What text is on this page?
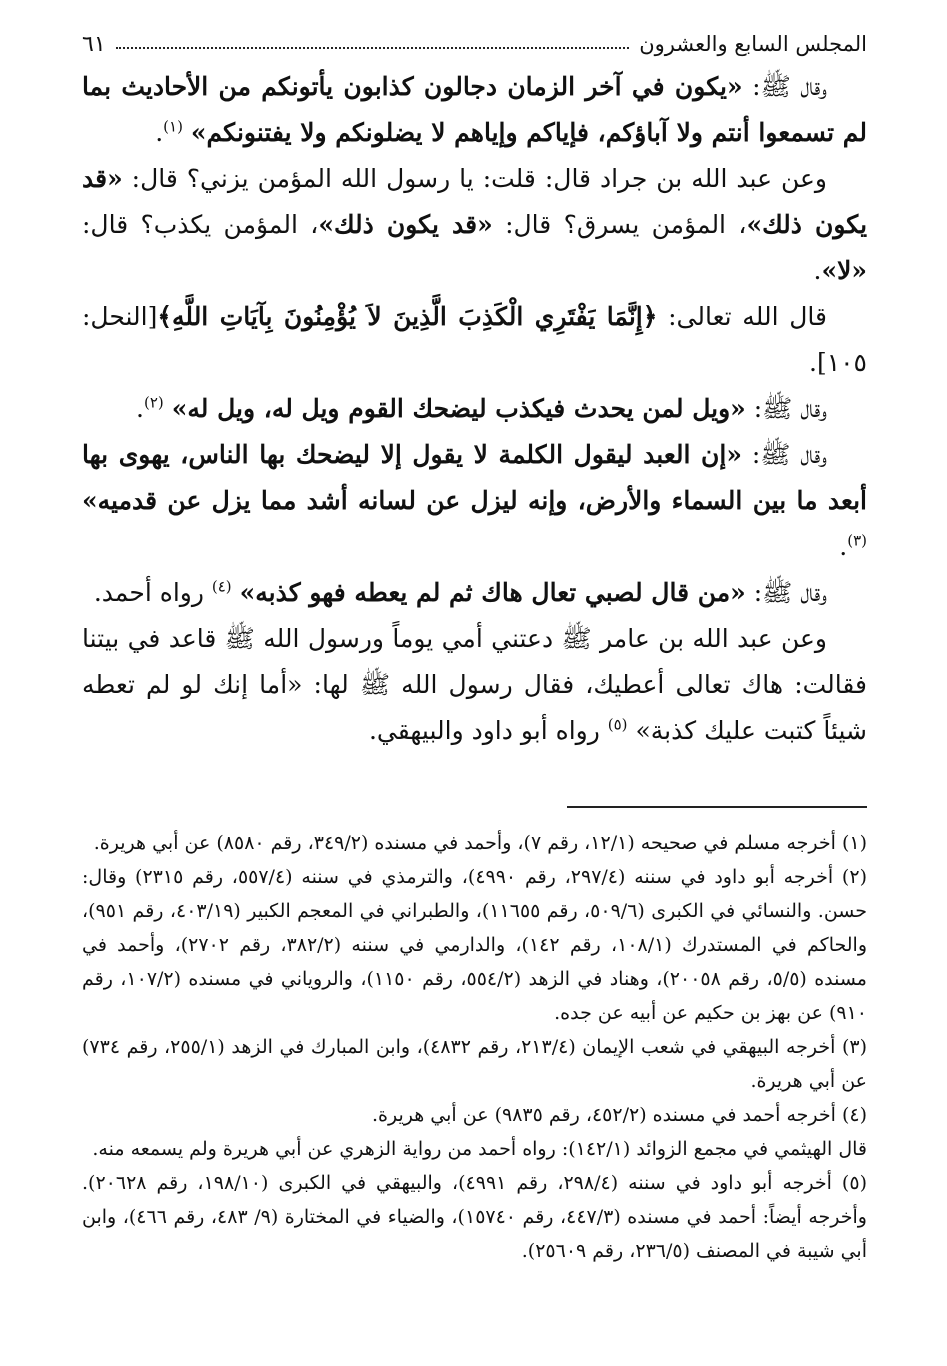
المجلس السابع والعشرون
٦١

وقال ﷺ: «يكون في آخر الزمان دجالون كذابون يأتونكم من الأحاديث بما لم تسمعوا أنتم ولا آباؤكم، فإياكم وإياهم لا يضلونكم ولا يفتنونكم» $^{(١)}$.

وعن عبد الله بن جراد قال: قلت: يا رسول الله المؤمن يزني؟ قال: «قد يكون ذلك»، المؤمن يسرق؟ قال: «قد يكون ذلك»، المؤمن يكذب؟ قال: «لا».

قال الله تعالى: ﴿إِنَّمَا يَفْتَرِي الْكَذِبَ الَّذِينَ لاَ يُؤْمِنُونَ بِآيَاتِ اللَّهِ﴾[النحل: ١٠٥].

وقال ﷺ: «ويل لمن يحدث فيكذب ليضحك القوم ويل له، ويل له» $^{(٢)}$.

وقال ﷺ: «إن العبد ليقول الكلمة لا يقول إلا ليضحك بها الناس، يهوى بها أبعد ما بين السماء والأرض، وإنه ليزل عن لسانه أشد مما يزل عن قدميه» $^{(٣)}$.

وقال ﷺ: «من قال لصبي تعال هاك ثم لم يعطه فهو كذبه» $^{(٤)}$ رواه أحمد.

وعن عبد الله بن عامر ﷺ دعتني أمي يوماً ورسول الله ﷺ قاعد في بيتنا فقالت: هاك تعالى أعطيك، فقال رسول الله ﷺ لها: «أما إنك لو لم تعطه شيئاً كتبت عليك كذبة» $^{(٥)}$ رواه أبو داود والبيهقي.

(١) أخرجه مسلم في صحيحه (١٢/١، رقم ٧)، وأحمد في مسنده (٣٤٩/٢، رقم ٨٥٨٠) عن أبي هريرة.

(٢) أخرجه أبو داود في سننه (٢٩٧/٤، رقم ٤٩٩٠)، والترمذي في سننه (٥٥٧/٤، رقم ٢٣١٥) وقال: حسن. والنسائي في الكبرى (٥٠٩/٦، رقم ١١٦٥٥)، والطبراني في المعجم الكبير (٤٠٣/١٩، رقم ٩٥١)، والحاكم في المستدرك (١٠٨/١، رقم ١٤٢)، والدارمي في سننه (٣٨٢/٢، رقم ٢٧٠٢)، وأحمد في مسنده (٥/٥، رقم ٢٠٠٥٨)، وهناد في الزهد (٥٥٤/٢، رقم ١١٥٠)، والروياني في مسنده (١٠٧/٢، رقم ٩١٠) عن بهز بن حكيم عن أبيه عن جده.

(٣) أخرجه البيهقي في شعب الإيمان (٢١٣/٤، رقم ٤٨٣٢)، وابن المبارك في الزهد (٢٥٥/١، رقم ٧٣٤) عن أبي هريرة.

(٤) أخرجه أحمد في مسنده (٤٥٢/٢، رقم ٩٨٣٥) عن أبي هريرة.

قال الهيثمي في مجمع الزوائد (١٤٢/١): رواه أحمد من رواية الزهري عن أبي هريرة ولم يسمعه منه.

(٥) أخرجه أبو داود في سننه (٢٩٨/٤، رقم ٤٩٩١)، والبيهقي في الكبرى (١٩٨/١٠، رقم ٢٠٦٢٨). وأخرجه أيضاً: أحمد في مسنده (٤٤٧/٣، رقم ١٥٧٤٠)، والضياء في المختارة (٩/ ٤٨٣، رقم ٤٦٦)، وابن أبي شيبة في المصنف (٢٣٦/٥، رقم ٢٥٦٠٩).
